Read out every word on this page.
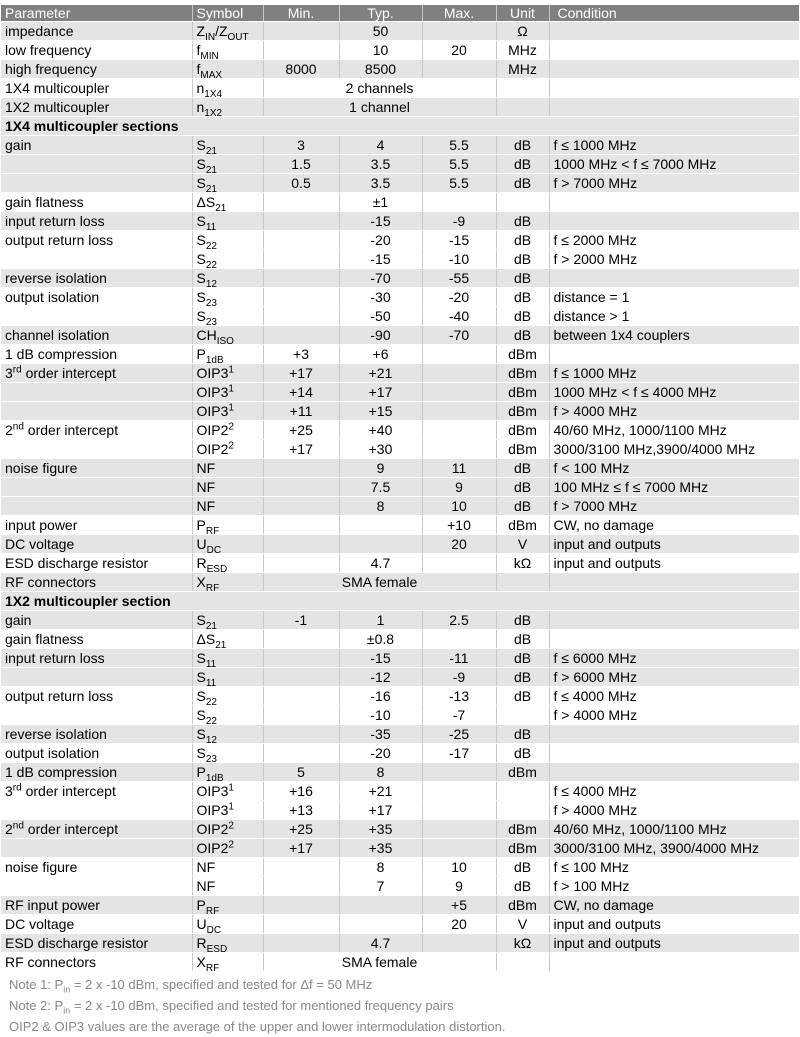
Parameter	Symbol	Min.	Typ.	Max.	Unit	Condition
impedance	$Z_{IN}/Z_{OUT}$		50		Ω	
low frequency	$f_{MIN}$		10	20	MHz	
high frequency	$f_{MAX}$	8000	8500		MHz	
1X4 multicoupler	$n_{1X4}$	2 channels				
1X2 multicoupler	$n_{1X2}$	1 channel				
1X4 multicoupler sections						
gain	$S_{21}$	3	4	5.5	dB	f ≤ 1000 MHz
	$S_{21}$	1.5	3.5	5.5	dB	1000 MHz < f ≤ 7000 MHz
	$S_{21}$	0.5	3.5	5.5	dB	f > 7000 MHz
gain flatness	$\Delta S_{21}$		±1			
input return loss	$S_{11}$		-15	-9	dB	
output return loss	$S_{22}$		-20	-15	dB	f ≤ 2000 MHz
	$S_{22}$		-15	-10	dB	f > 2000 MHz
reverse isolation	$S_{12}$		-70	-55	dB	
output isolation	$S_{23}$		-30	-20	dB	distance = 1
	$S_{23}$		-50	-40	dB	distance > 1
channel isolation	$CH_{ISO}$		-90	-70	dB	between 1x4 couplers
1 dB compression	$P_{1dB}$	+3	+6		dBm	
3rd order intercept	$OIP3^1$	+17	+21		dBm	f ≤ 1000 MHz
	$OIP3^1$	+14	+17		dBm	1000 MHz < f ≤ 4000 MHz
	$OIP3^1$	+11	+15		dBm	f > 4000 MHz
2nd order intercept	$OIP2^2$	+25	+40		dBm	40/60 MHz, 1000/1100 MHz
	$OIP2^2$	+17	+30		dBm	3000/3100 MHz,3900/4000 MHz
noise figure	NF		9	11	dB	f < 100 MHz
	NF		7.5	9	dB	100 MHz ≤ f ≤ 7000 MHz
	NF		8	10	dB	f > 7000 MHz
input power	$P_{RF}$			+10	dBm	CW, no damage
DC voltage	$U_{DC}$			20	V	input and outputs
ESD discharge resistor	$R_{ESD}$		4.7		kΩ	input and outputs
RF connectors	$X_{RF}$	SMA female				
1X2 multicoupler section						
gain	$S_{21}$	-1	1	2.5	dB	
gain flatness	$\Delta S_{21}$		±0.8		dB	
input return loss	$S_{11}$		-15	-11	dB	f ≤ 6000 MHz
	$S_{11}$		-12	-9	dB	f > 6000 MHz
output return loss	$S_{22}$		-16	-13	dB	f ≤ 4000 MHz
	$S_{22}$		-10	-7		f > 4000 MHz
reverse isolation	$S_{12}$		-35	-25	dB	
output isolation	$S_{23}$		-20	-17	dB	
1 dB compression	$P_{1dB}$	5	8		dBm	
3rd order intercept	$OIP3^1$	+16	+21			f ≤ 4000 MHz
	$OIP3^1$	+13	+17			f > 4000 MHz
2nd order intercept	$OIP2^2$	+25	+35		dBm	40/60 MHz, 1000/1100 MHz
	$OIP2^2$	+17	+35		dBm	3000/3100 MHz, 3900/4000 MHz
noise figure	NF		8	10	dB	f ≤ 100 MHz
	NF		7	9	dB	f > 100 MHz
RF input power	$P_{RF}$			+5	dBm	CW, no damage
DC voltage	$U_{DC}$			20	V	input and outputs
ESD discharge resistor	$R_{ESD}$		4.7		kΩ	input and outputs
RF connectors	$X_{RF}$	SMA female				
Note 1: $P_{in} = 2$ x -10 dBm, specified and tested for Δf = 50 MHz
Note 2: $P_{in} = 2$ x -10 dBm, specified and tested for mentioned frequency pairs
OIP2 & OIP3 values are the average of the upper and lower intermodulation distortion.
